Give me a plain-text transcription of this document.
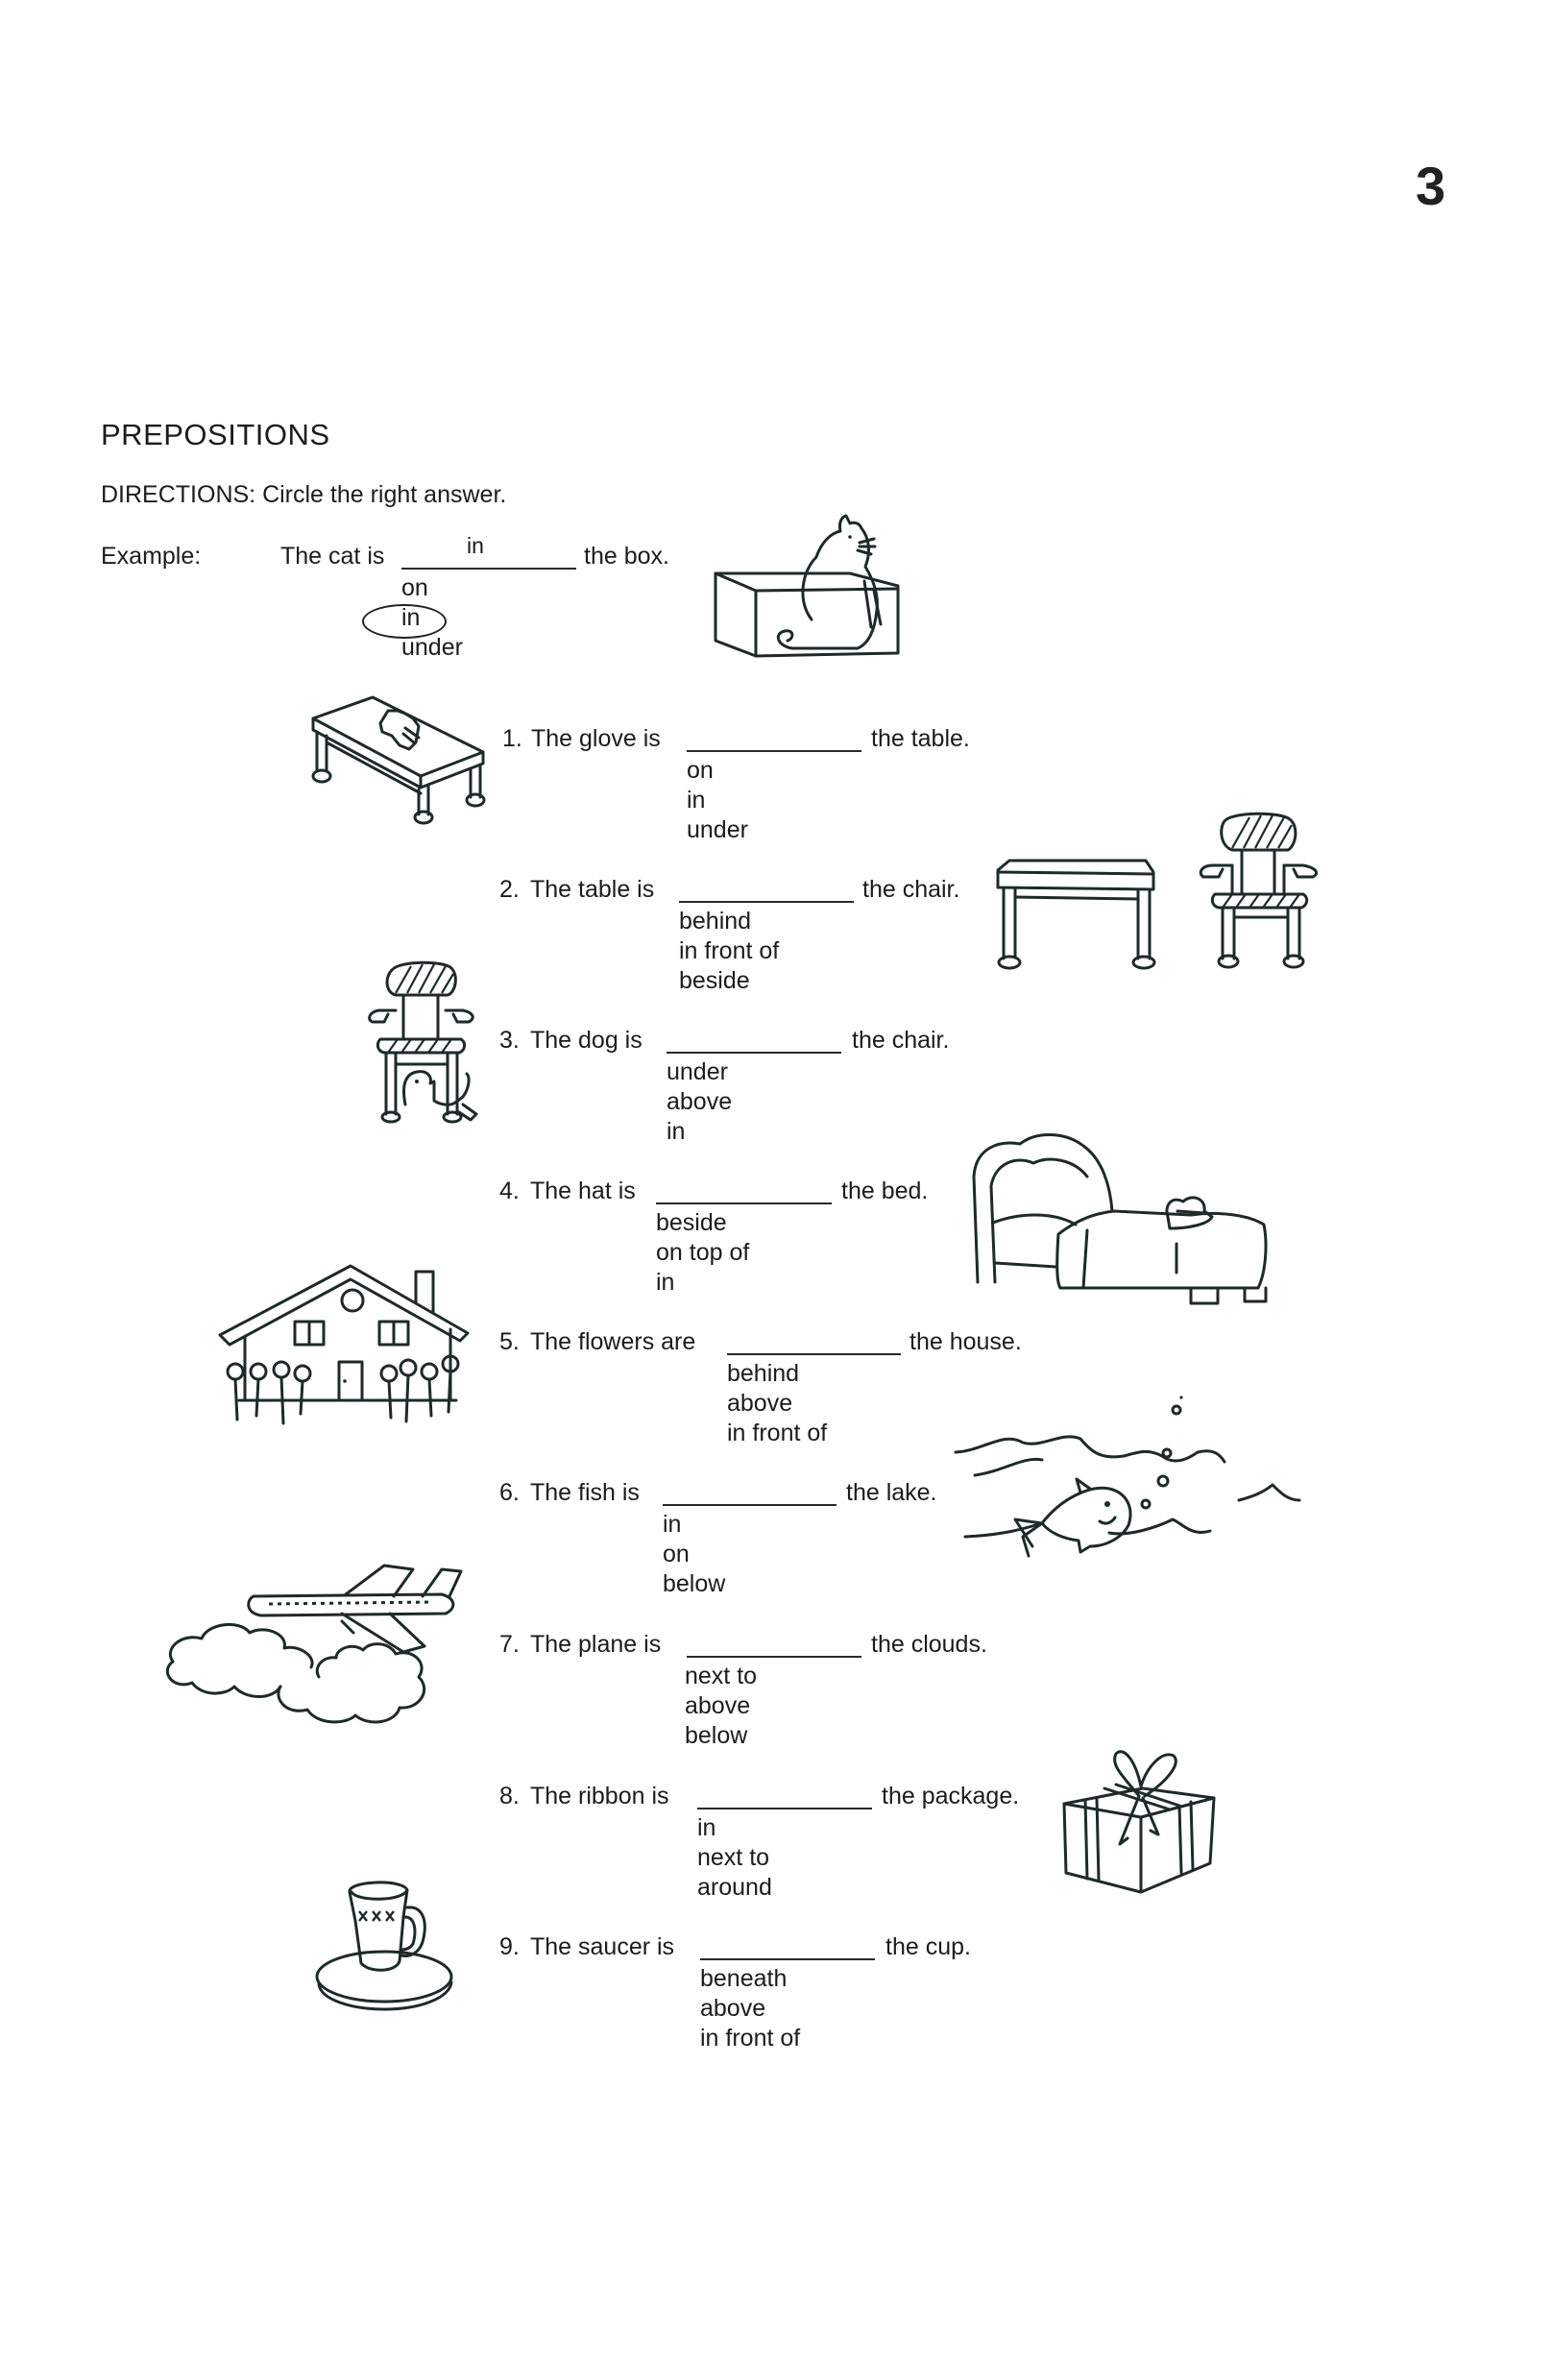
3
PREPOSITIONS
DIRECTIONS: Circle the right answer.
Example:	The cat is	in	the box.
on
in
under
1. The glove is	the table.
on
in
under
2. The table is	the chair.
behind
in front of
beside
3. The dog is	the chair.
under
above
in
4. The hat is	the bed.
beside
on top of
in
5. The flowers are	the house.
behind
above
in front of
6. The fish is	the lake.
in
on
below
7. The plane is	the clouds.
next to
above
below
8. The ribbon is	the package.
in
next to
around
9. The saucer is	the cup.
beneath
above
in front of
